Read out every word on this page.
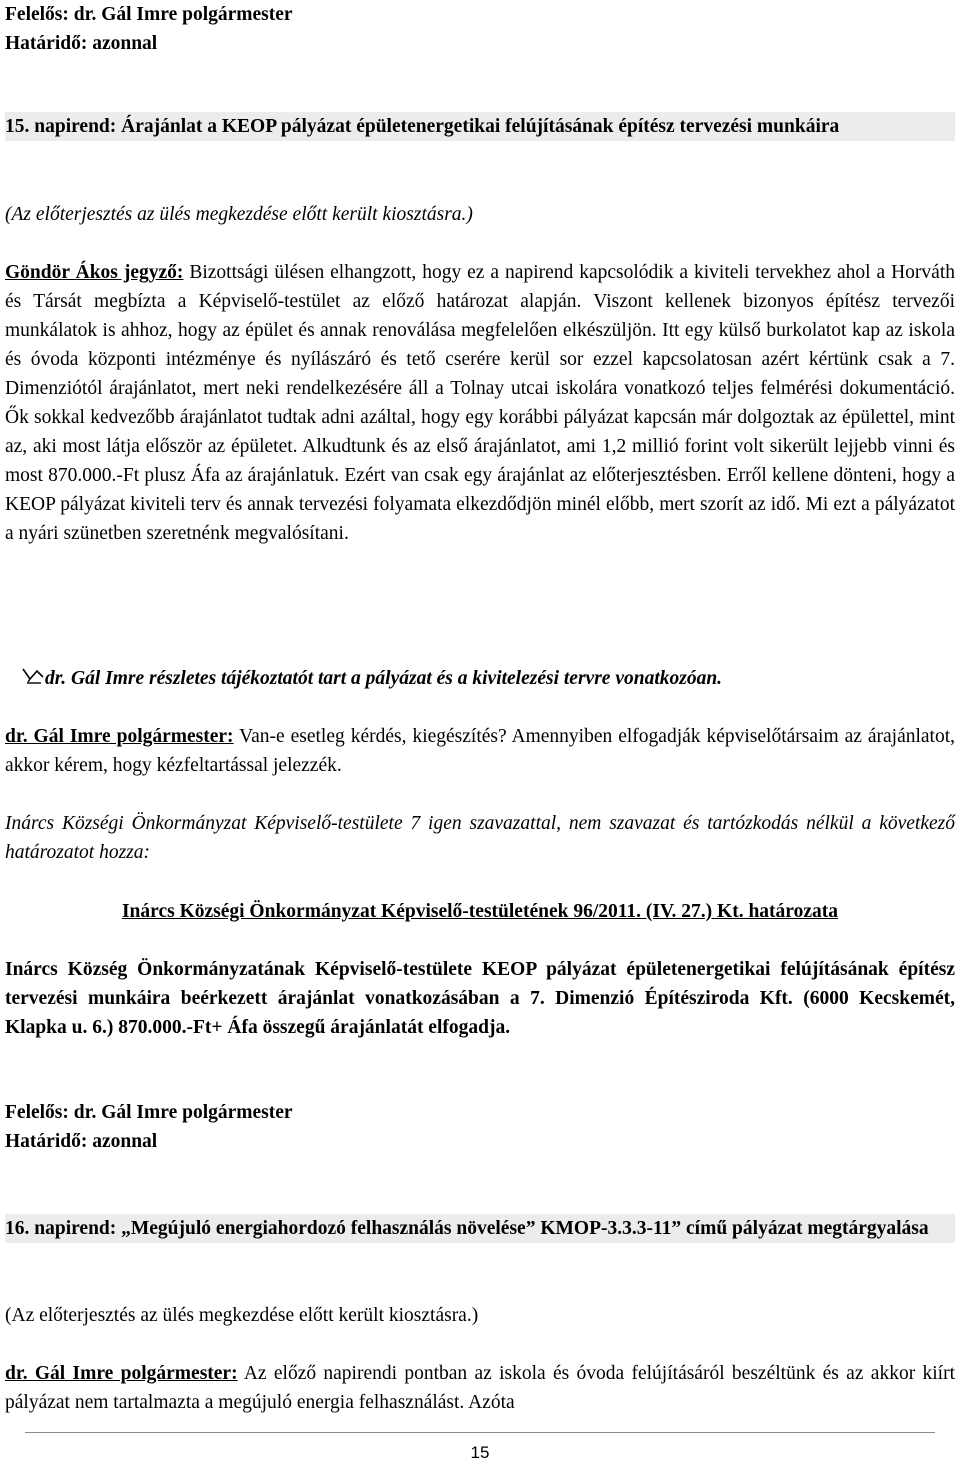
Felelős: dr. Gál Imre polgármester
Határidő: azonnal
15. napirend: Árajánlat a KEOP pályázat épületenergetikai felújításának építész tervezési munkáira
(Az előterjesztés az ülés megkezdése előtt került kiosztásra.)
Göndör Ákos jegyző: Bizottsági ülésen elhangzott, hogy ez a napirend kapcsolódik a kiviteli tervekhez ahol a Horváth és Társát megbízta a Képviselő-testület az előző határozat alapján. Viszont kellenek bizonyos építész tervezői munkálatok is ahhoz, hogy az épület és annak renoválása megfelelően elkészüljön. Itt egy külső burkolatot kap az iskola és óvoda központi intézménye és nyílászáró és tető cserére kerül sor ezzel kapcsolatosan azért kértünk csak a 7. Dimenziótól árajánlatot, mert neki rendelkezésére áll a Tolnay utcai iskolára vonatkozó teljes felmérési dokumentáció. Ők sokkal kedvezőbb árajánlatot tudtak adni azáltal, hogy egy korábbi pályázat kapcsán már dolgoztak az épülettel, mint az, aki most látja először az épületet. Alkudtunk és az első árajánlatot, ami 1,2 millió forint volt sikerült lejjebb vinni és most 870.000.-Ft plusz Áfa az árajánlatuk. Ezért van csak egy árajánlat az előterjesztésben. Erről kellene dönteni, hogy a KEOP pályázat kiviteli terv és annak tervezési folyamata elkezdődjön minél előbb, mert szorít az idő. Mi ezt a pályázatot a nyári szünetben szeretnénk megvalósítani.
dr. Gál Imre részletes tájékoztatót tart a pályázat és a kivitelezési tervre vonatkozóan.
dr. Gál Imre polgármester: Van-e esetleg kérdés, kiegészítés? Amennyiben elfogadják képviselőtársaim az árajánlatot, akkor kérem, hogy kézfeltartással jelezzék.
Inárcs Községi Önkormányzat Képviselő-testülete 7 igen szavazattal, nem szavazat és tartózkodás nélkül a következő határozatot hozza:
Inárcs Községi Önkormányzat Képviselő-testületének 96/2011. (IV. 27.) Kt. határozata
Inárcs Község Önkormányzatának Képviselő-testülete KEOP pályázat épületenergetikai felújításának építész tervezési munkáira beérkezett árajánlat vonatkozásában a 7. Dimenzió Építésziroda Kft. (6000 Kecskemét, Klapka u. 6.) 870.000.-Ft+ Áfa összegű árajánlatát elfogadja.
Felelős: dr. Gál Imre polgármester
Határidő: azonnal
16. napirend: „Megújuló energiahordozó felhasználás növelése” KMOP-3.3.3-11” című pályázat megtárgyalása
(Az előterjesztés az ülés megkezdése előtt került kiosztásra.)
dr. Gál Imre polgármester: Az előző napirendi pontban az iskola és óvoda felújításáról beszéltünk és az akkor kiírt pályázat nem tartalmazta a megújuló energia felhasználást. Azóta
15
